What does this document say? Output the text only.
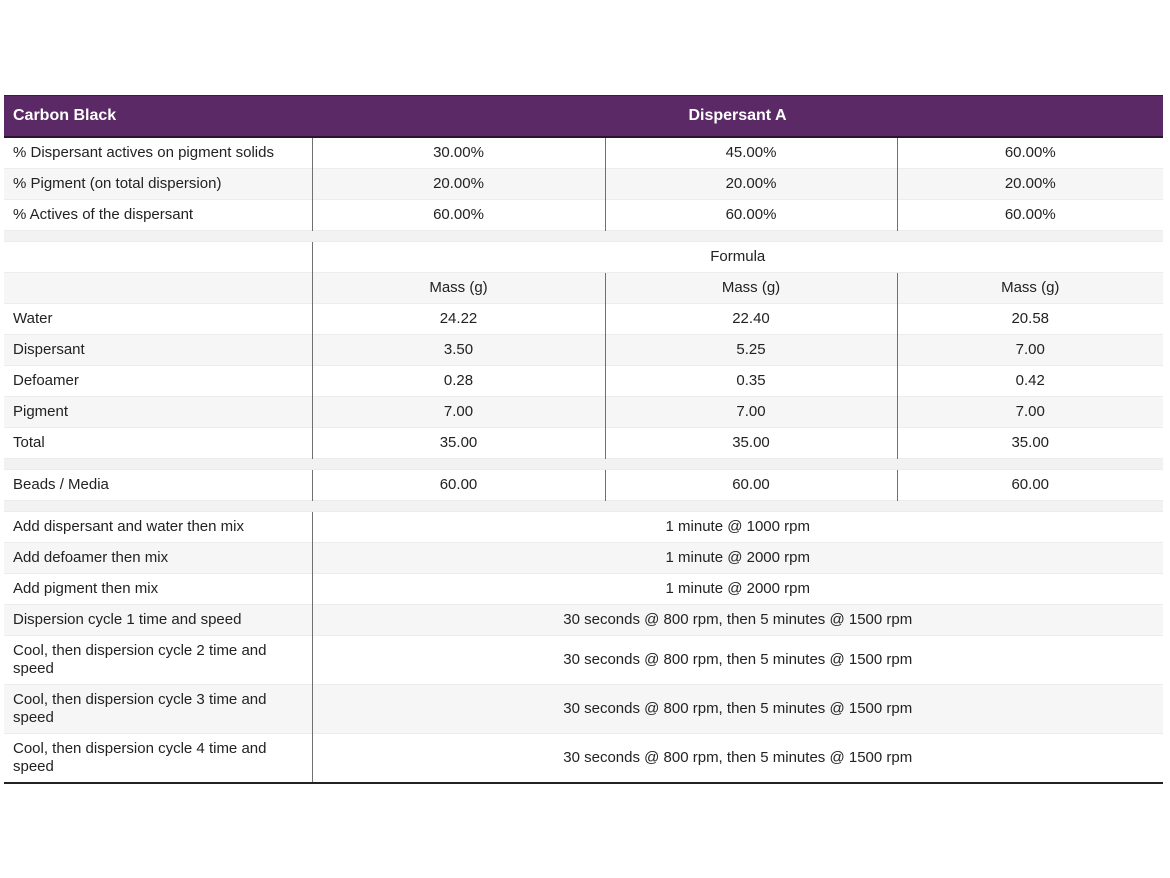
Carbon Black	Dispersant A		
% Dispersant actives on pigment solids	30.00%	45.00%	60.00%
% Pigment (on total dispersion)	20.00%	20.00%	20.00%
% Actives of the dispersant	60.00%	60.00%	60.00%

	Formula		
	Mass (g)	Mass (g)	Mass (g)
Water	24.22	22.40	20.58
Dispersant	3.50	5.25	7.00
Defoamer	0.28	0.35	0.42
Pigment	7.00	7.00	7.00
Total	35.00	35.00	35.00

Beads / Media	60.00	60.00	60.00

Add dispersant and water then mix	1 minute @ 1000 rpm		
Add defoamer then mix	1 minute @ 2000 rpm		
Add pigment then mix	1 minute @ 2000 rpm		
Dispersion cycle 1 time and speed	30 seconds @ 800 rpm, then 5 minutes @ 1500 rpm		
Cool, then dispersion cycle 2 time and speed	30 seconds @ 800 rpm, then 5 minutes @ 1500 rpm		
Cool, then dispersion cycle 3 time and speed	30 seconds @ 800 rpm, then 5 minutes @ 1500 rpm		
Cool, then dispersion cycle 4 time and speed	30 seconds @ 800 rpm, then 5 minutes @ 1500 rpm		
